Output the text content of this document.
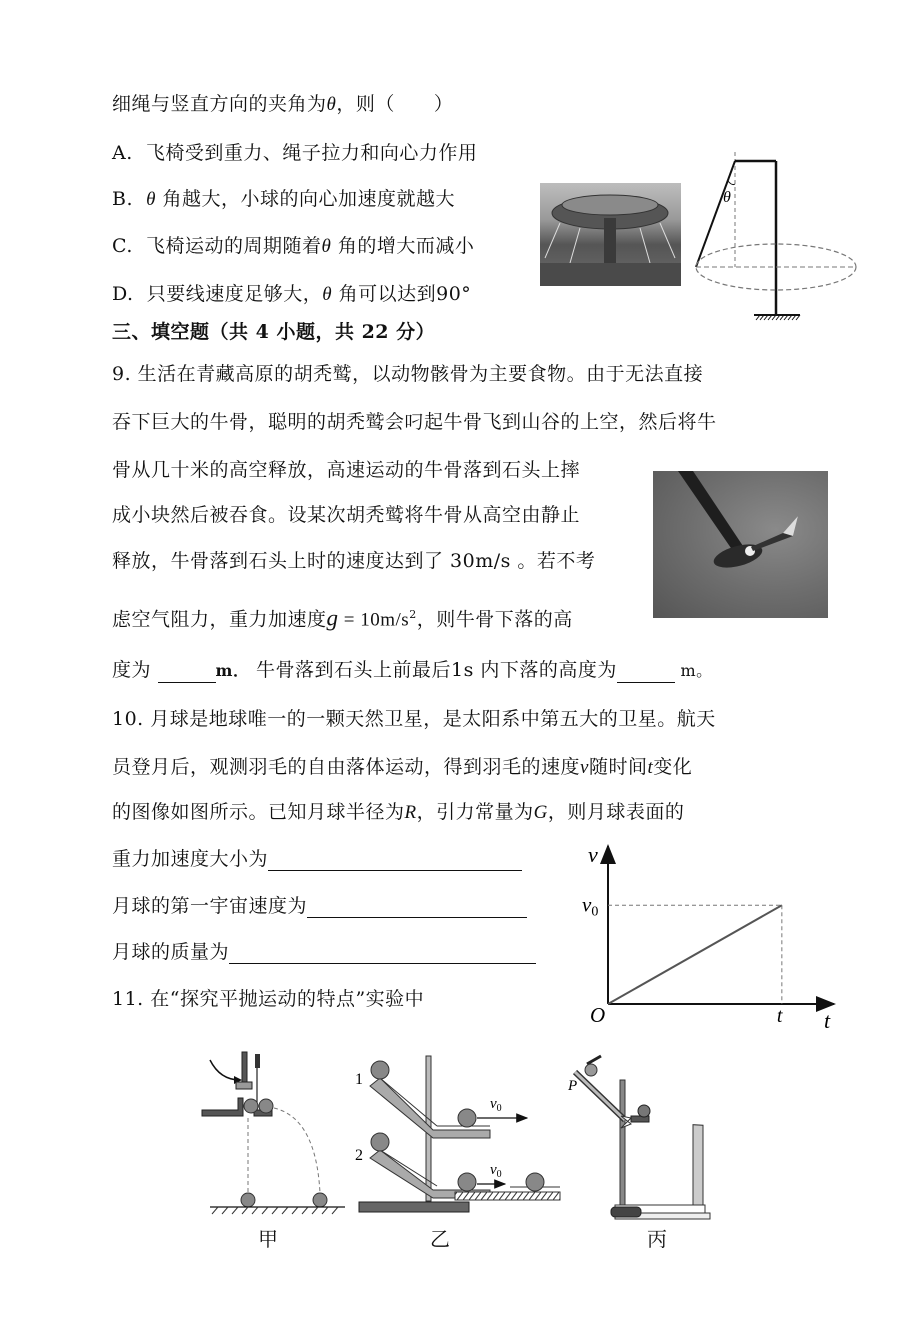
细绳与竖直方向的夹角为θ，则（　　）
A. 飞椅受到重力、绳子拉力和向心力作用
B. θ 角越大，小球的向心加速度就越大
C. 飞椅运动的周期随着θ 角的增大而减小
D. 只要线速度足够大，θ 角可以达到90°
θ
三、填空题（共 4 小题，共 22 分）
9. 生活在青藏高原的胡秃鹫，以动物骸骨为主要食物。由于无法直接
吞下巨大的牛骨，聪明的胡秃鹫会叼起牛骨飞到山谷的上空，然后将牛
骨从几十米的高空释放，高速运动的牛骨落到石头上摔
成小块然后被吞食。设某次胡秃鹫将牛骨从高空由静止
释放，牛骨落到石头上时的速度达到了 30m/s 。若不考
虑空气阻力，重力加速度$g = 10m/s^2$，则牛骨下落的高
度为	m． 牛骨落到石头上前最后1s 内下落的高度为	m。
10. 月球是地球唯一的一颗天然卫星，是太阳系中第五大的卫星。航天
员登月后，观测羽毛的自由落体运动，得到羽毛的速度v随时间t变化
的图像如图所示。已知月球半径为R，引力常量为G，则月球表面的
重力加速度大小为
月球的第一宇宙速度为
月球的质量为
v
t
O	t
v0
11. 在“探究平抛运动的特点”实验中
$v_0$
1
$v_0$
2
P
甲	乙	丙
